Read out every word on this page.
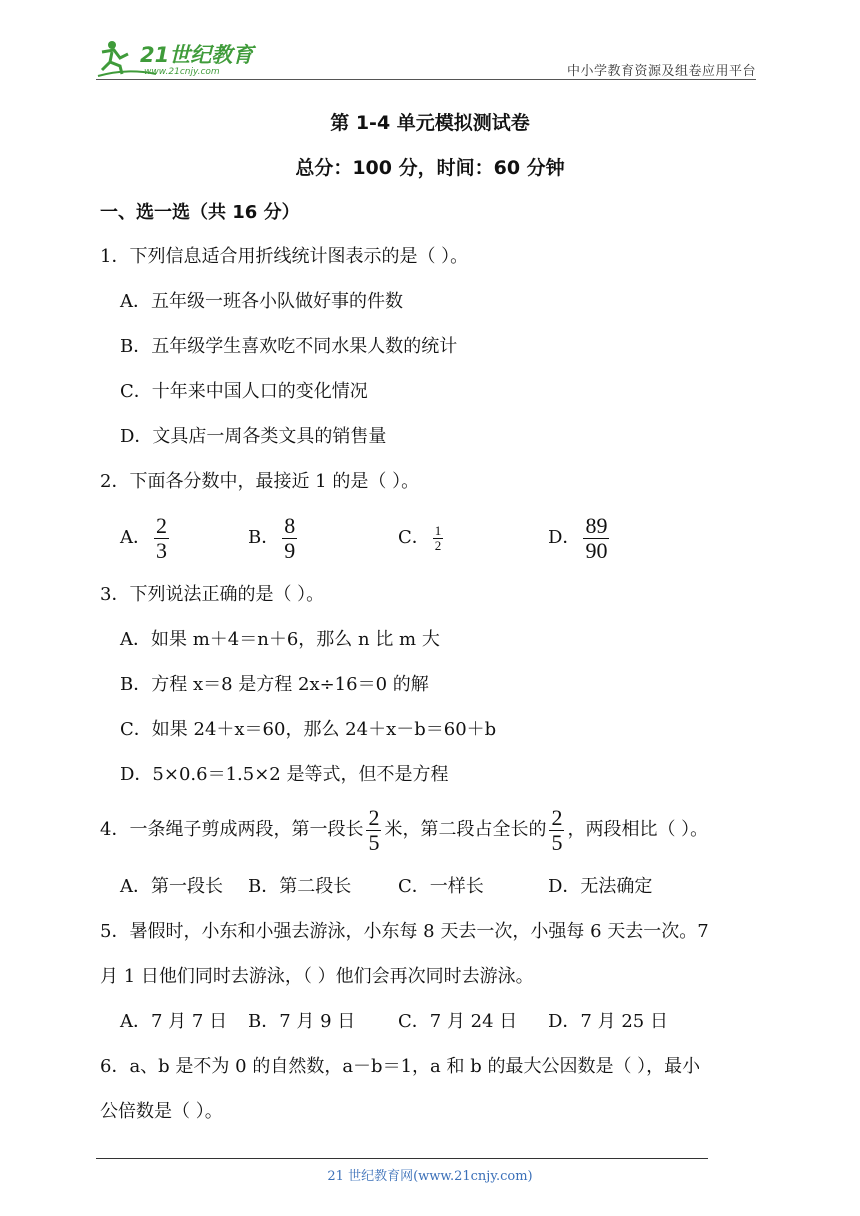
21世纪教育
www.21cnjy.com	中小学教育资源及组卷应用平台
第 1-4 单元模拟测试卷
总分：100 分，时间：60 分钟
一、选一选（共 16 分）
1．下列信息适合用折线统计图表示的是（ ）。
A．五年级一班各小队做好事的件数
B．五年级学生喜欢吃不同水果人数的统计
C．十年来中国人口的变化情况
D．文具店一周各类文具的销售量
2．下面各分数中，最接近 1 的是（ ）。
A． $\frac{2}{3}$	B． $\frac{8}{9}$	C． $\frac{1}{2}$	D． $\frac{89}{90}$
3．下列说法正确的是（ ）。
A．如果 m＋4＝n＋6，那么 n 比 m 大
B．方程 x＝8 是方程 2x÷16＝0 的解
C．如果 24＋x＝60，那么 24＋x－b＝60＋b
D．5×0.6＝1.5×2 是等式，但不是方程
4．一条绳子剪成两段，第一段长 $\frac{2}{5}$ 米，第二段占全长的 $\frac{2}{5}$ ，两段相比（ ）。
A．第一段长 B．第二段长	C．一样长	D．无法确定
5．暑假时，小东和小强去游泳，小东每 8 天去一次，小强每 6 天去一次。7
月 1 日他们同时去游泳，（ ）他们会再次同时去游泳。
A．7 月 7 日 B．7 月 9 日 C．7 月 24 日 D．7 月 25 日
6．a、b 是不为 0 的自然数，a－b＝1，a 和 b 的最大公因数是（ ），最小
公倍数是（ ）。
21 世纪教育网(www.21cnjy.com)
